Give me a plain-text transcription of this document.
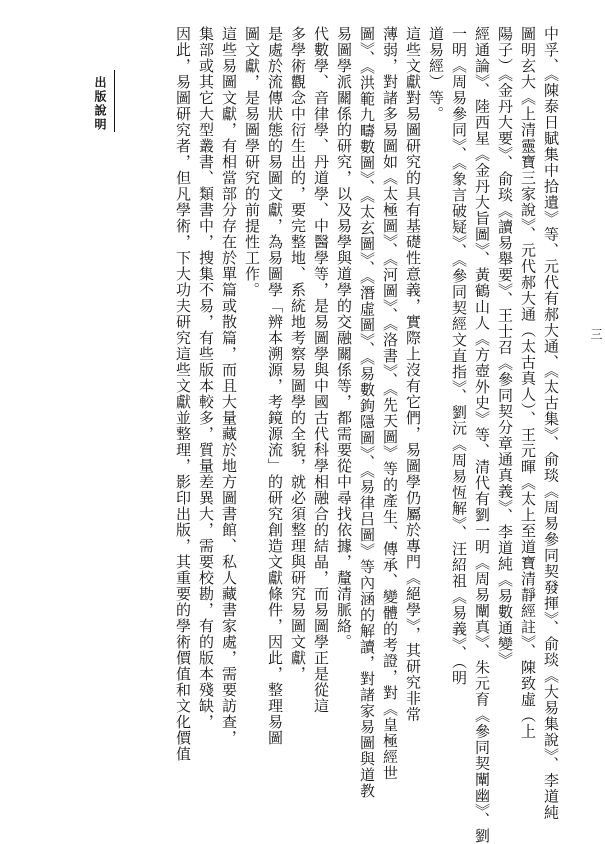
中孚、《陳泰日賦集中拾遺》等、元代有郝大通、《太古集》、俞琰《周易參同契發揮》、俞琰《大易集說》、李道純
圖明玄大《上清靈寶三家說》、元代郝大通（太古真人）、王元暉《太上至道寶清靜經註》、陳致虛（上
陽子）《金丹大要》、俞琰《讀易舉要》、王士召《參同契分章通真義》、李道純《易數通變》
經通論》、陸西星《金丹大旨圖》、黃鶴山人《方壺外史》等、清代有劉一明《周易闡真》、朱元育《參同契闡幽》、劉
一明《周易參同》、《象言破疑》、《參同契經文直指》、劉沅《周易恆解》、汪紹祖《易義》、（明
道易經）等。
這些文獻對易圖研究的具有基礎性意義，實際上沒有它們，易圖學仍屬於專門《絕學》，其研究非常
薄弱，對諸多易圖如《太極圖》、《河圖》、《洛書》、《先天圖》等的產生、傳承、變體的考證，對《皇極經世
圖》、《洪範九疇數圖》、《太玄圖》、《潛虛圖》、《易數鉤隱圖》、《易律吕圖》等內涵的解讀，對諸家易圖與道教
易圖學派關係的研究，以及易學與道學的交融關係等，都需要從中尋找依據，釐清脈絡。
代數學、音律學、丹道學、中醫學等，是易圖學與中國古代科學相融合的結晶，而易圖學正是從這
多學術觀念中衍生出的，要完整地、系統地考察易圖學的全貌，就必須整理與研究易圖文獻，
是處於流傳狀態的易圖文獻，為易圖學「辨本溯源，考鏡源流」的研究創造文獻條件，因此，整理易圖
圖文獻，是易圖學研究的前提性工作。
這些易圖文獻，有相當部分存在於單篇或散篇，而且大量藏於地方圖書館、私人藏書家處，需要訪查，
集部或其它大型叢書、類書中，搜集不易，有些版本較多，質量差異大，需要校勘，有的版本殘缺，
因此，易圖研究者，但凡學術，下大功夫研究這些文獻並整理，影印出版，其重要的學術價值和文化價值
出版說明
三
